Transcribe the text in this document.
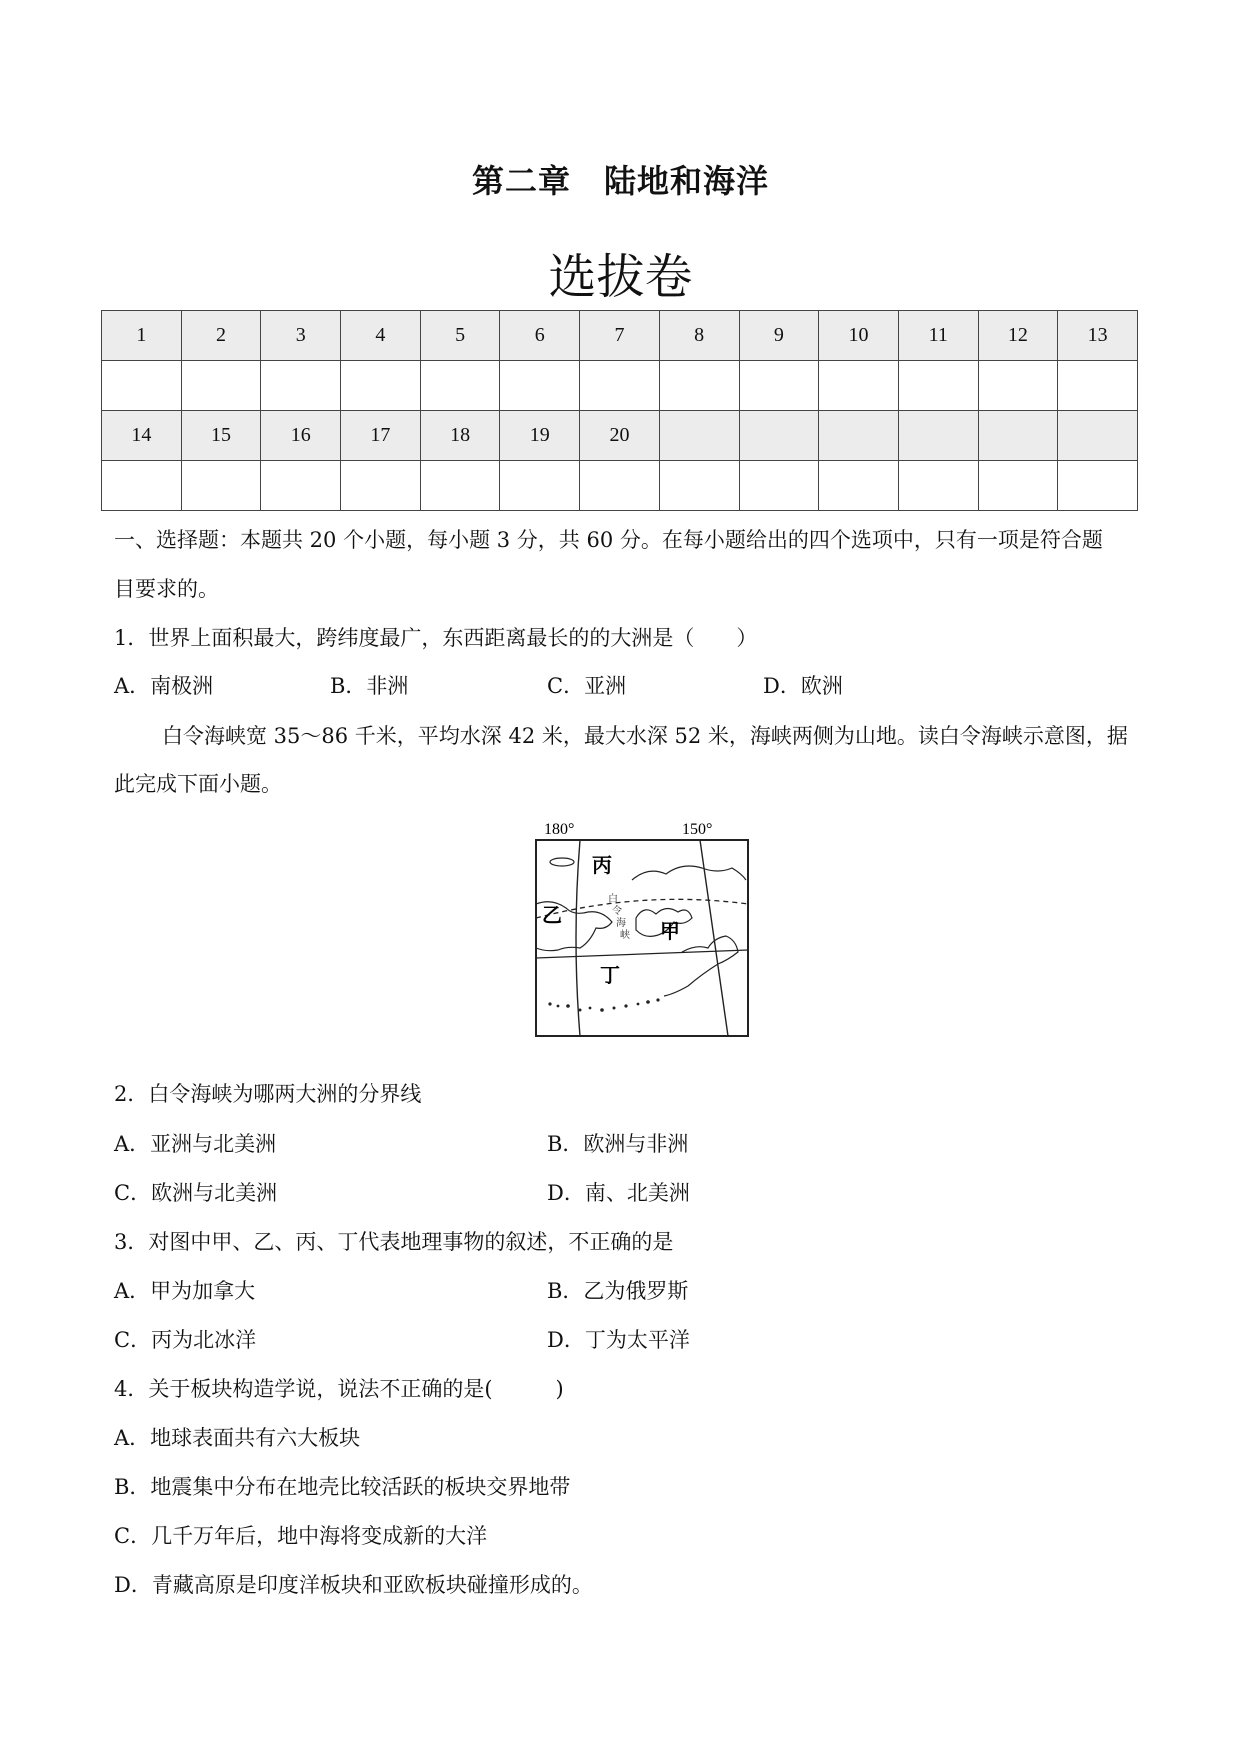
第二章　陆地和海洋
选拔卷
1	2	3	4	5	6	7	8	9	10	11	12	13

14	15	16	17	18	19	20						

一、选择题：本题共 20 个小题，每小题 3 分，共 60 分。在每小题给出的四个选项中，只有一项是符合题
目要求的。
1．世界上面积最大，跨纬度最广，东西距离最长的的大洲是（　　）
A．南极洲	B．非洲	C．亚洲	D．欧洲
白令海峡宽 35～86 千米，平均水深 42 米，最大水深 52 米，海峡两侧为山地。读白令海峡示意图，据
此完成下面小题。
180°	150°
丙
乙
甲
丁
白
令
海
峡
2．白令海峡为哪两大洲的分界线
A．亚洲与北美洲	B．欧洲与非洲
C．欧洲与北美洲	D．南、北美洲
3．对图中甲、乙、丙、丁代表地理事物的叙述，不正确的是
A．甲为加拿大	B．乙为俄罗斯
C．丙为北冰洋	D．丁为太平洋
4．关于板块构造学说，说法不正确的是(　　　)
A．地球表面共有六大板块
B．地震集中分布在地壳比较活跃的板块交界地带
C．几千万年后，地中海将变成新的大洋
D．青藏高原是印度洋板块和亚欧板块碰撞形成的。
